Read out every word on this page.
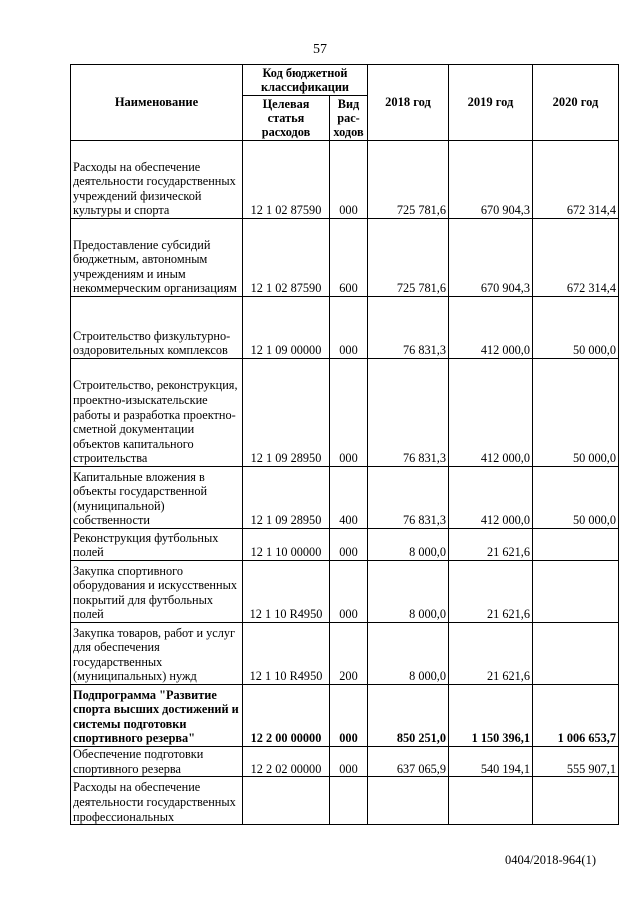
57
Наименование	Код бюджетной классификации		2018 год	2019 год	2020 год
	Целевая статья расходов	Вид рас-ходов			
Расходы на обеспечение деятельности государственных учреждений физической культуры и спорта	12 1 02 87590	000	725 781,6	670 904,3	672 314,4
Предоставление субсидий бюджетным, автономным учреждениям и иным некоммерческим организациям	12 1 02 87590	600	725 781,6	670 904,3	672 314,4
Строительство физкультурно-оздоровительных комплексов	12 1 09 00000	000	76 831,3	412 000,0	50 000,0
Строительство, реконструкция, проектно-изыскательские работы и разработка проектно-сметной документации объектов капитального строительства	12 1 09 28950	000	76 831,3	412 000,0	50 000,0
Капитальные вложения в объекты государственной (муниципальной) собственности	12 1 09 28950	400	76 831,3	412 000,0	50 000,0
Реконструкция футбольных полей	12 1 10 00000	000	8 000,0	21 621,6	
Закупка спортивного оборудования и искусственных покрытий для футбольных полей	12 1 10 R4950	000	8 000,0	21 621,6	
Закупка товаров, работ и услуг для обеспечения государственных (муниципальных) нужд	12 1 10 R4950	200	8 000,0	21 621,6	
Подпрограмма "Развитие спорта высших достижений и системы подготовки спортивного резерва"	12 2 00 00000	000	850 251,0	1 150 396,1	1 006 653,7
Обеспечение подготовки спортивного резерва	12 2 02 00000	000	637 065,9	540 194,1	555 907,1
Расходы на обеспечение деятельности государственных профессиональных					
0404/2018-964(1)
